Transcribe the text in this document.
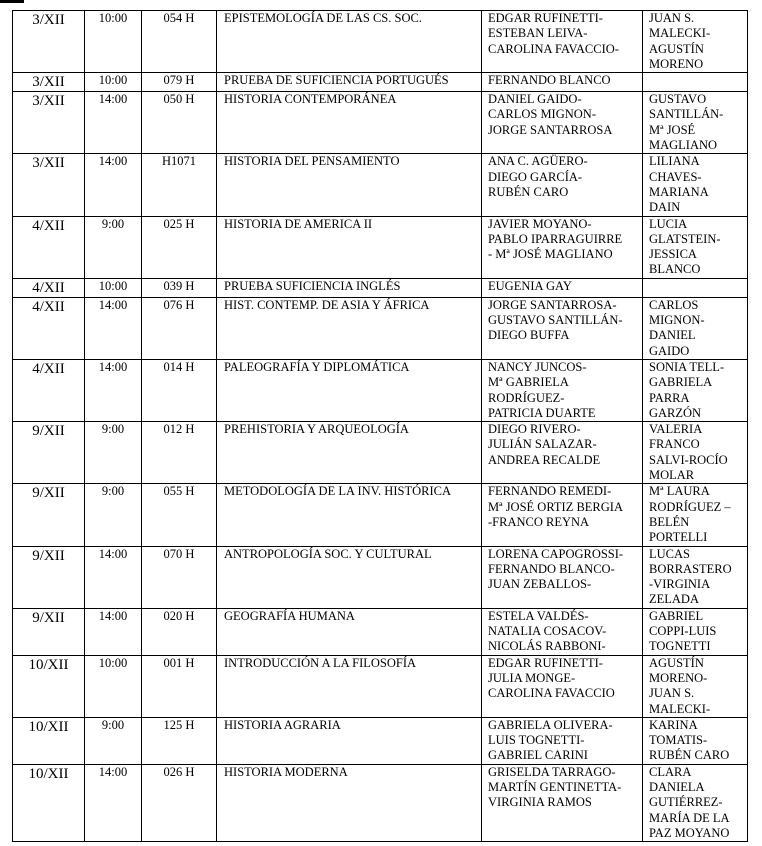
3/XII	10:00	054 H	EPISTEMOLOGÍA DE LAS CS. SOC.	EDGAR RUFINETTI-
ESTEBAN LEIVA-
CAROLINA FAVACCIO-	JUAN S.
MALECKI-
AGUSTÍN
MORENO
3/XII	10:00	079 H	PRUEBA DE SUFICIENCIA PORTUGUÉS	FERNANDO BLANCO	
3/XII	14:00	050 H	HISTORIA CONTEMPORÁNEA	DANIEL GAIDO-
CARLOS MIGNON-
JORGE SANTARROSA	GUSTAVO
SANTILLÁN-
Mª JOSÉ
MAGLIANO
3/XII	14:00	H1071	HISTORIA DEL PENSAMIENTO	ANA C. AGÜERO-
DIEGO GARCÍA-
RUBÉN CARO	LILIANA
CHAVES-
MARIANA
DAIN
4/XII	9:00	025 H	HISTORIA DE AMERICA II	JAVIER MOYANO-
PABLO IPARRAGUIRRE
- Mª JOSÉ MAGLIANO	LUCIA
GLATSTEIN-
JESSICA
BLANCO
4/XII	10:00	039 H	PRUEBA SUFICIENCIA INGLÉS	EUGENIA GAY	
4/XII	14:00	076 H	HIST. CONTEMP. DE ASIA Y ÁFRICA	JORGE SANTARROSA-
GUSTAVO SANTILLÁN-
DIEGO BUFFA	CARLOS
MIGNON-
DANIEL
GAIDO
4/XII	14:00	014 H	PALEOGRAFÍA Y DIPLOMÁTICA	NANCY JUNCOS-
Mª GABRIELA
RODRÍGUEZ-
PATRICIA DUARTE	SONIA TELL-
GABRIELA
PARRA
GARZÓN
9/XII	9:00	012 H	PREHISTORIA Y ARQUEOLOGÍA	DIEGO RIVERO-
JULIÁN SALAZAR-
ANDREA RECALDE	VALERIA
FRANCO
SALVI-ROCÍO
MOLAR
9/XII	9:00	055 H	METODOLOGÍA DE LA INV. HISTÓRICA	FERNANDO REMEDI-
Mª JOSÉ ORTIZ BERGIA
-FRANCO REYNA	Mª LAURA
RODRÍGUEZ –
BELÉN
PORTELLI
9/XII	14:00	070 H	ANTROPOLOGÍA SOC. Y CULTURAL	LORENA CAPOGROSSI-
FERNANDO BLANCO-
JUAN ZEBALLOS-	LUCAS
BORRASTERO
-VIRGINIA
ZELADA
9/XII	14:00	020 H	GEOGRAFÍA HUMANA	ESTELA VALDÉS-
NATALIA COSACOV-
NICOLÁS RABBONI-	GABRIEL
COPPI-LUIS
TOGNETTI
10/XII	10:00	001 H	INTRODUCCIÓN A LA FILOSOFÍA	EDGAR RUFINETTI-
JULIA MONGE-
CAROLINA FAVACCIO	AGUSTÍN
MORENO-
JUAN S.
MALECKI-
10/XII	9:00	125 H	HISTORIA AGRARIA	GABRIELA OLIVERA-
LUIS TOGNETTI-
GABRIEL CARINI	KARINA
TOMATIS-
RUBÉN CARO
10/XII	14:00	026 H	HISTORIA MODERNA	GRISELDA TARRAGO-
MARTÍN GENTINETTA-
VIRGINIA RAMOS	CLARA
DANIELA
GUTIÉRREZ-
MARÍA DE LA
PAZ MOYANO
